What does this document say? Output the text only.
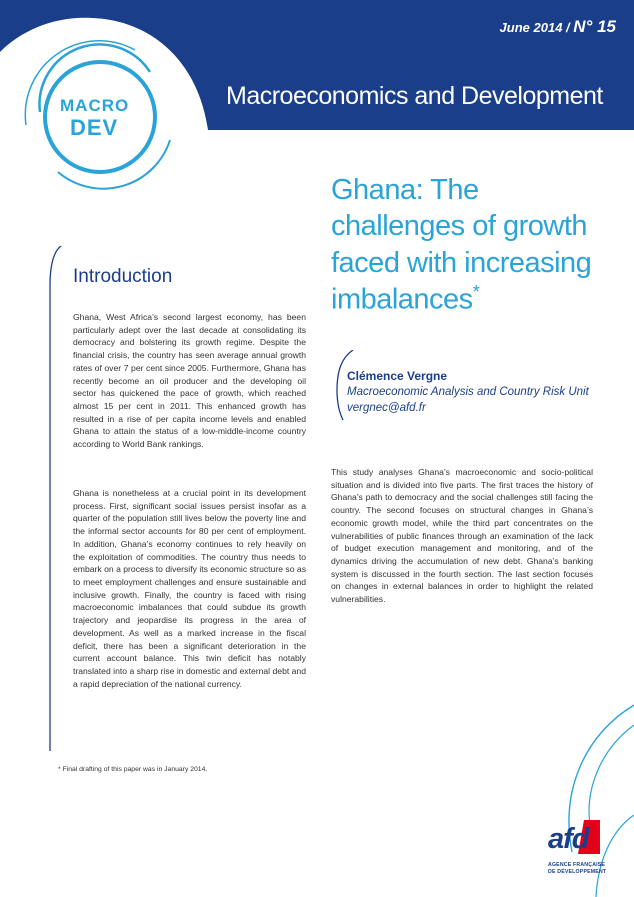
June 2014 / N° 15
Macroeconomics and Development
MACRO
DEV
Ghana: The challenges of growth faced with increasing imbalances*
Clémence Vergne
Macroeconomic Analysis and Country Risk Unit
vergnec@afd.fr

This study analyses Ghana’s macroeconomic and socio-political situation and is divided into five parts. The first traces the history of Ghana’s path to democracy and the social challenges still facing the country. The second focuses on structural changes in Ghana’s economic growth model, while the third part concentrates on the vulnerabilities of public finances through an examination of the lack of budget execution management and monitoring, and of the dynamics driving the accumulation of new debt. Ghana’s banking system is discussed in the fourth section. The last section focuses on changes in external balances in order to highlight the related vulnerabilities.

Introduction

Ghana, West Africa’s second largest economy, has been particularly adept over the last decade at consolidating its democracy and bolstering its growth regime. Despite the financial crisis, the country has seen average annual growth rates of over 7 per cent since 2005. Furthermore, Ghana has recently become an oil producer and the developing oil sector has quickened the pace of growth, which reached almost 15 per cent in 2011. This enhanced growth has resulted in a rise of per capita income levels and enabled Ghana to attain the status of a low-middle-income country according to World Bank rankings.

Ghana is nonetheless at a crucial point in its development process. First, significant social issues persist insofar as a quarter of the population still lives below the poverty line and the informal sector accounts for 80 per cent of employment. In addition, Ghana’s economy continues to rely heavily on the exploitation of commodities. The country thus needs to embark on a process to diversify its economic structure so as to meet employment challenges and ensure sustainable and inclusive growth. Finally, the country is faced with rising macroeconomic imbalances that could subdue its growth trajectory and jeopardise its progress in the area of development. As well as a marked increase in the fiscal deficit, there has been a significant deterioration in the current account balance. This twin deficit has notably translated into a sharp rise in domestic and external debt and a rapid depreciation of the national currency.

* Final drafting of this paper was in January 2014.
afd
AGENCE FRANÇAISE
DE DÉVELOPPEMENT
